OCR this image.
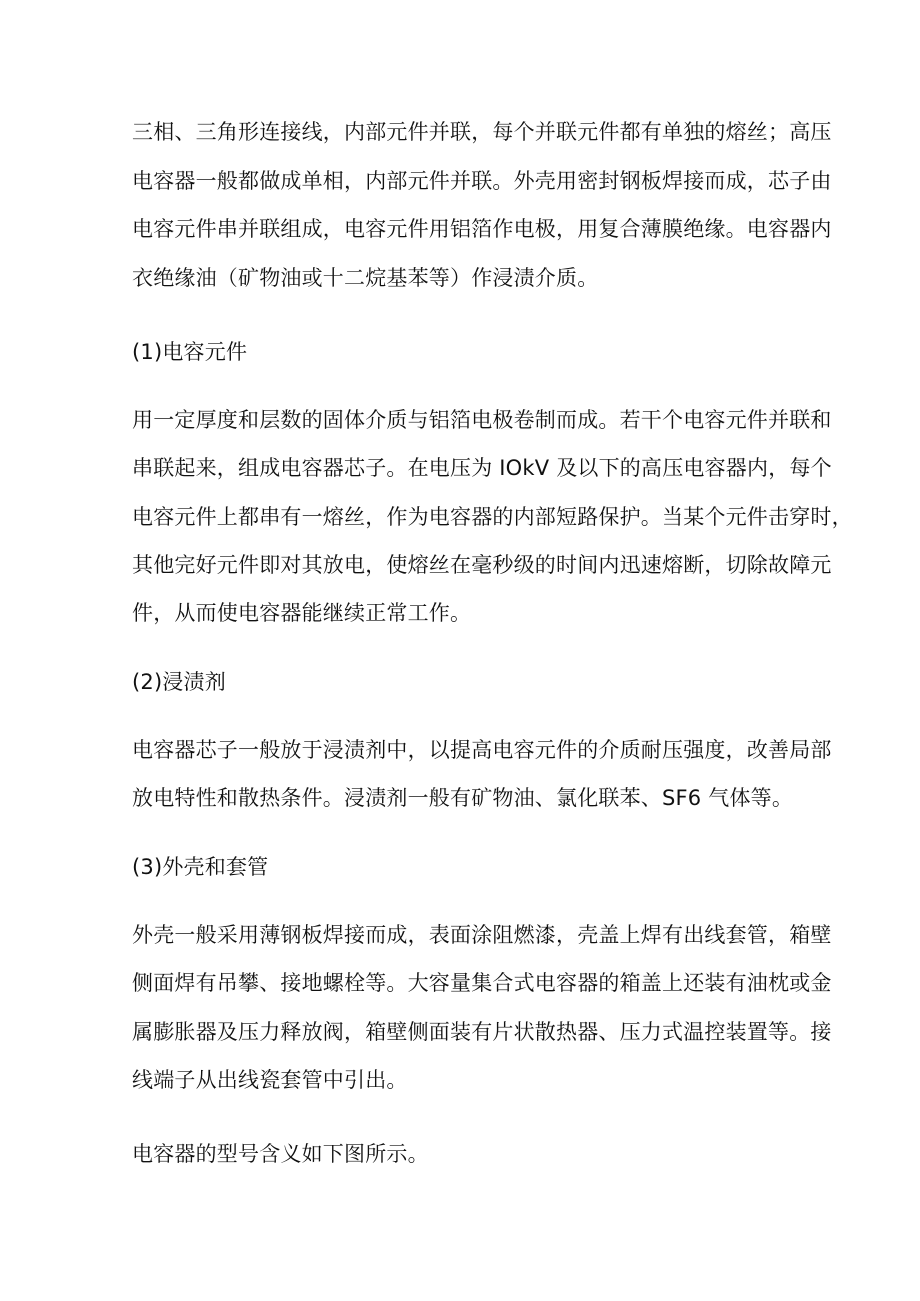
三相、三角形连接线，内部元件并联，每个并联元件都有单独的熔丝；高压
电容器一般都做成单相，内部元件并联。外壳用密封钢板焊接而成，芯子由
电容元件串并联组成，电容元件用铝箔作电极，用复合薄膜绝缘。电容器内
衣绝缘油（矿物油或十二烷基苯等）作浸渍介质。
(1)电容元件
用一定厚度和层数的固体介质与铝箔电极卷制而成。若干个电容元件并联和
串联起来，组成电容器芯子。在电压为 IOkV 及以下的高压电容器内，每个
电容元件上都串有一熔丝，作为电容器的内部短路保护。当某个元件击穿时，
其他完好元件即对其放电，使熔丝在毫秒级的时间内迅速熔断，切除故障元
件，从而使电容器能继续正常工作。
(2)浸渍剂
电容器芯子一般放于浸渍剂中，以提高电容元件的介质耐压强度，改善局部
放电特性和散热条件。浸渍剂一般有矿物油、氯化联苯、SF6 气体等。
(3)外壳和套管
外壳一般采用薄钢板焊接而成，表面涂阻燃漆，壳盖上焊有出线套管，箱壁
侧面焊有吊攀、接地螺栓等。大容量集合式电容器的箱盖上还装有油枕或金
属膨胀器及压力释放阀，箱壁侧面装有片状散热器、压力式温控装置等。接
线端子从出线瓷套管中引出。
电容器的型号含义如下图所示。
